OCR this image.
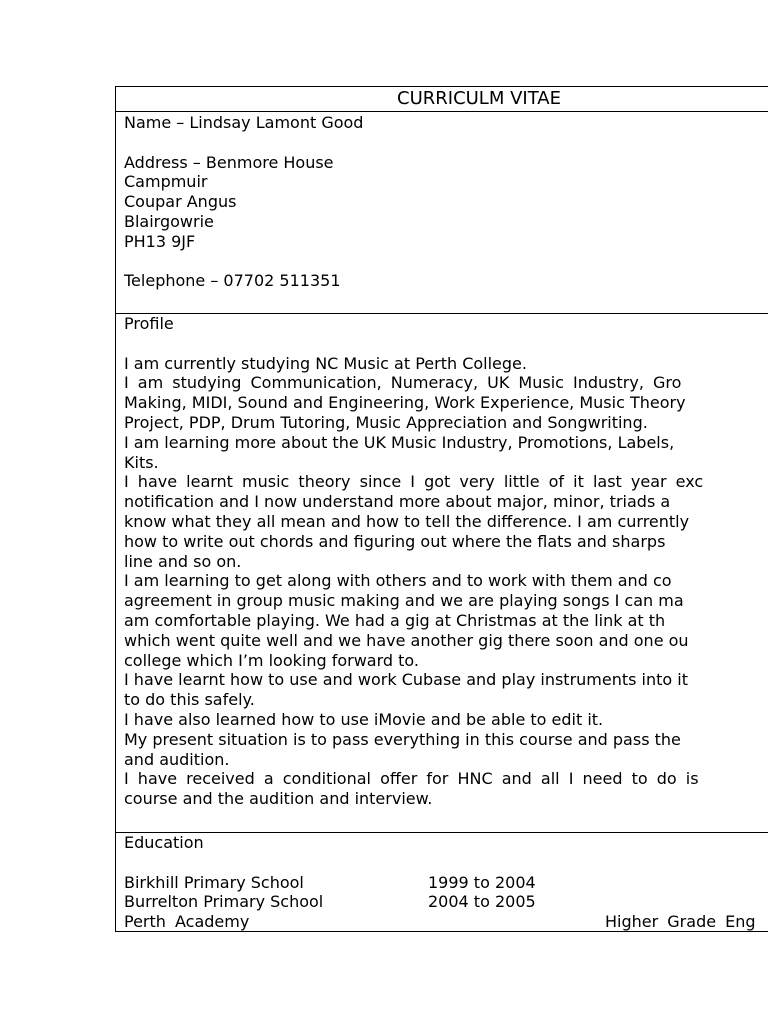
CURRICULM VITAE
Name – Lindsay Lamont Good
Address – Benmore House
Campmuir
Coupar Angus
Blairgowrie
PH13 9JF
Telephone – 07702 511351
Profile
I am currently studying NC Music at Perth College.
I am studying Communication, Numeracy, UK Music Industry, Gro
Making, MIDI, Sound and Engineering, Work Experience, Music Theory
Project, PDP, Drum Tutoring, Music Appreciation and Songwriting.
I am learning more about the UK Music Industry, Promotions, Labels,
Kits.
I have learnt music theory since I got very little of it last year exc
notification and I now understand more about major, minor, triads a
know what they all mean and how to tell the difference. I am currently
how to write out chords and figuring out where the flats and sharps
line and so on.
I am learning to get along with others and to work with them and co
agreement in group music making and we are playing songs I can ma
am comfortable playing. We had a gig at Christmas at the link at th
which went quite well and we have another gig there soon and one ou
college which I’m looking forward to.
I have learnt how to use and work Cubase and play instruments into it
to do this safely.
I have also learned how to use iMovie and be able to edit it.
My present situation is to pass everything in this course and pass the
and audition.
I have received a conditional offer for HNC and all I need to do is
course and the audition and interview.
Education
Birkhill Primary School	1999 to 2004
Burrelton Primary School	2004 to 2005
Perth Academy	Higher Grade Eng
